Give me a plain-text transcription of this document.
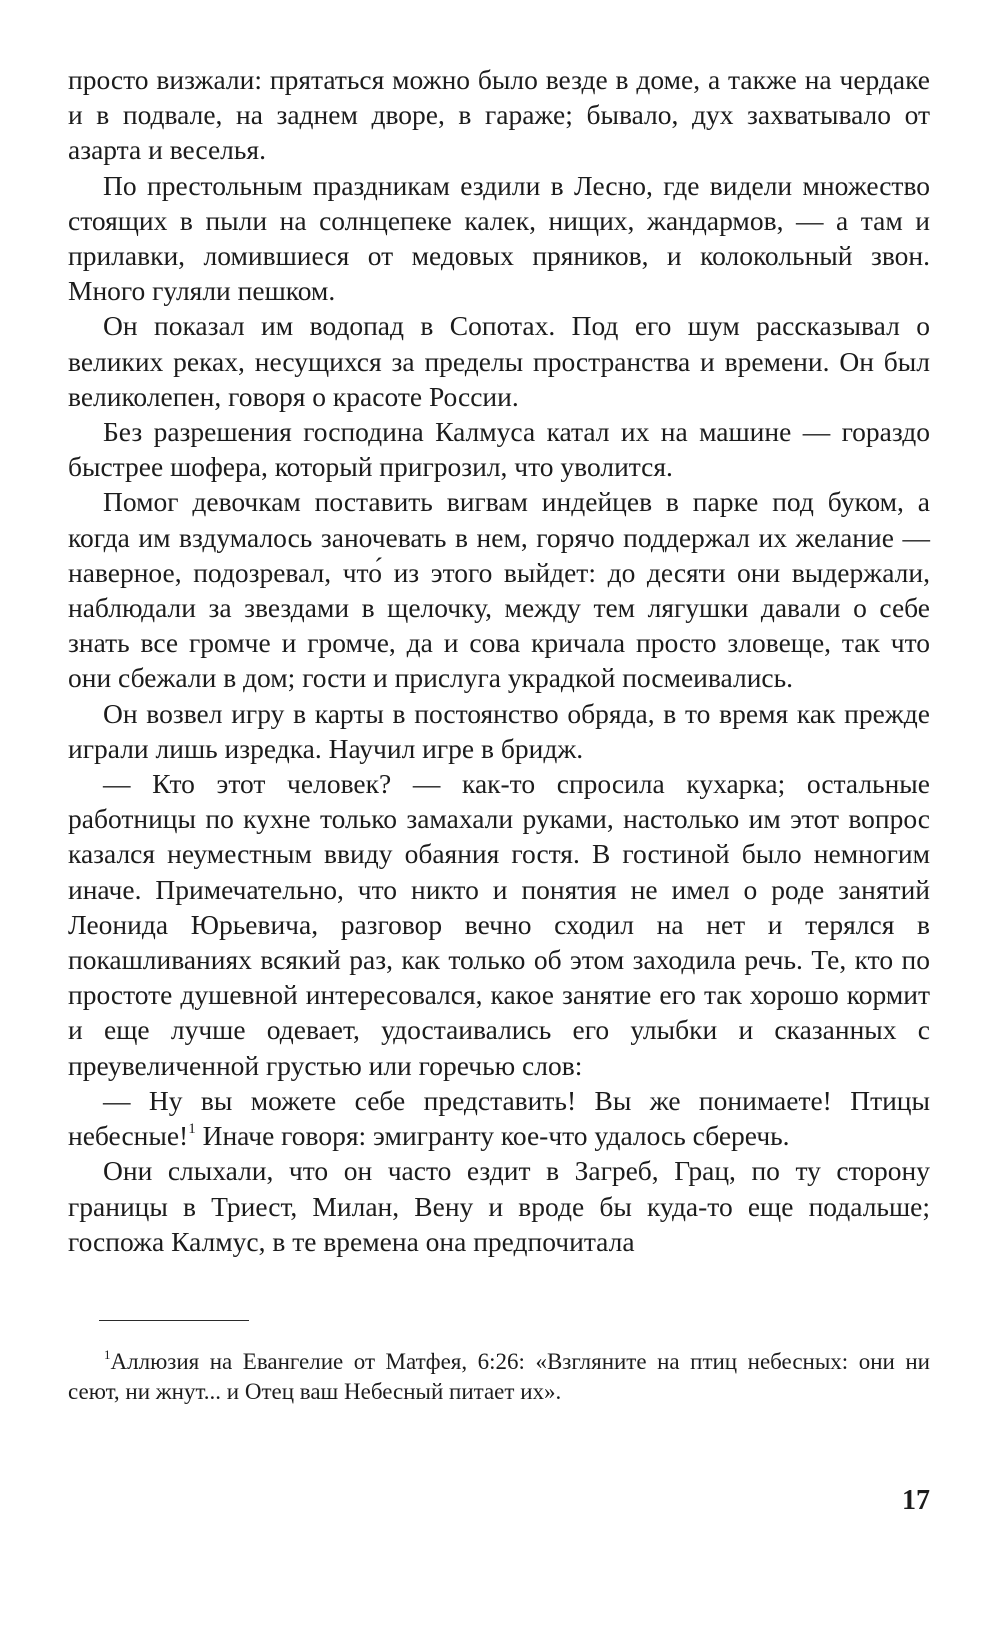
просто визжали: прятаться можно было везде в доме, а также на чердаке и в подвале, на заднем дворе, в гараже; бывало, дух захватывало от азарта и веселья.

По престольным праздникам ездили в Лесно, где видели множество стоящих в пыли на солнцепеке калек, нищих, жандармов, — а там и прилавки, ломившиеся от медовых пряников, и колокольный звон. Много гуляли пешком.

Он показал им водопад в Сопотах. Под его шум рассказывал о великих реках, несущихся за пределы пространства и времени. Он был великолепен, говоря о красоте России.

Без разрешения господина Калмуса катал их на машине — гораздо быстрее шофера, который пригрозил, что уволится.

Помог девочкам поставить вигвам индейцев в парке под буком, а когда им вздумалось заночевать в нем, горячо поддержал их желание — наверное, подозревал, что́ из этого выйдет: до десяти они выдержали, наблюдали за звездами в щелочку, между тем лягушки давали о себе знать все громче и громче, да и сова кричала просто зловеще, так что они сбежали в дом; гости и прислуга украдкой посмеивались.

Он возвел игру в карты в постоянство обряда, в то время как прежде играли лишь изредка. Научил игре в бридж.

— Кто этот человек? — как-то спросила кухарка; остальные работницы по кухне только замахали руками, настолько им этот вопрос казался неуместным ввиду обаяния гостя. В гостиной было немногим иначе. Примечательно, что никто и понятия не имел о роде занятий Леонида Юрьевича, разговор вечно сходил на нет и терялся в покашливаниях всякий раз, как только об этом заходила речь. Те, кто по простоте душевной интересовался, какое занятие его так хорошо кормит и еще лучше одевает, удостаивались его улыбки и сказанных с преувеличенной грустью или горечью слов:

— Ну вы можете себе представить! Вы же понимаете! Птицы небесные!$^1$ Иначе говоря: эмигранту кое-что удалось сберечь.

Они слыхали, что он часто ездит в Загреб, Грац, по ту сторону границы в Триест, Милан, Вену и вроде бы куда-то еще подальше; госпожа Калмус, в те времена она предпочитала

$^1$Аллюзия на Евангелие от Матфея, 6:26: «Взгляните на птиц небесных: они ни сеют, ни жнут... и Отец ваш Небесный питает их».

17
